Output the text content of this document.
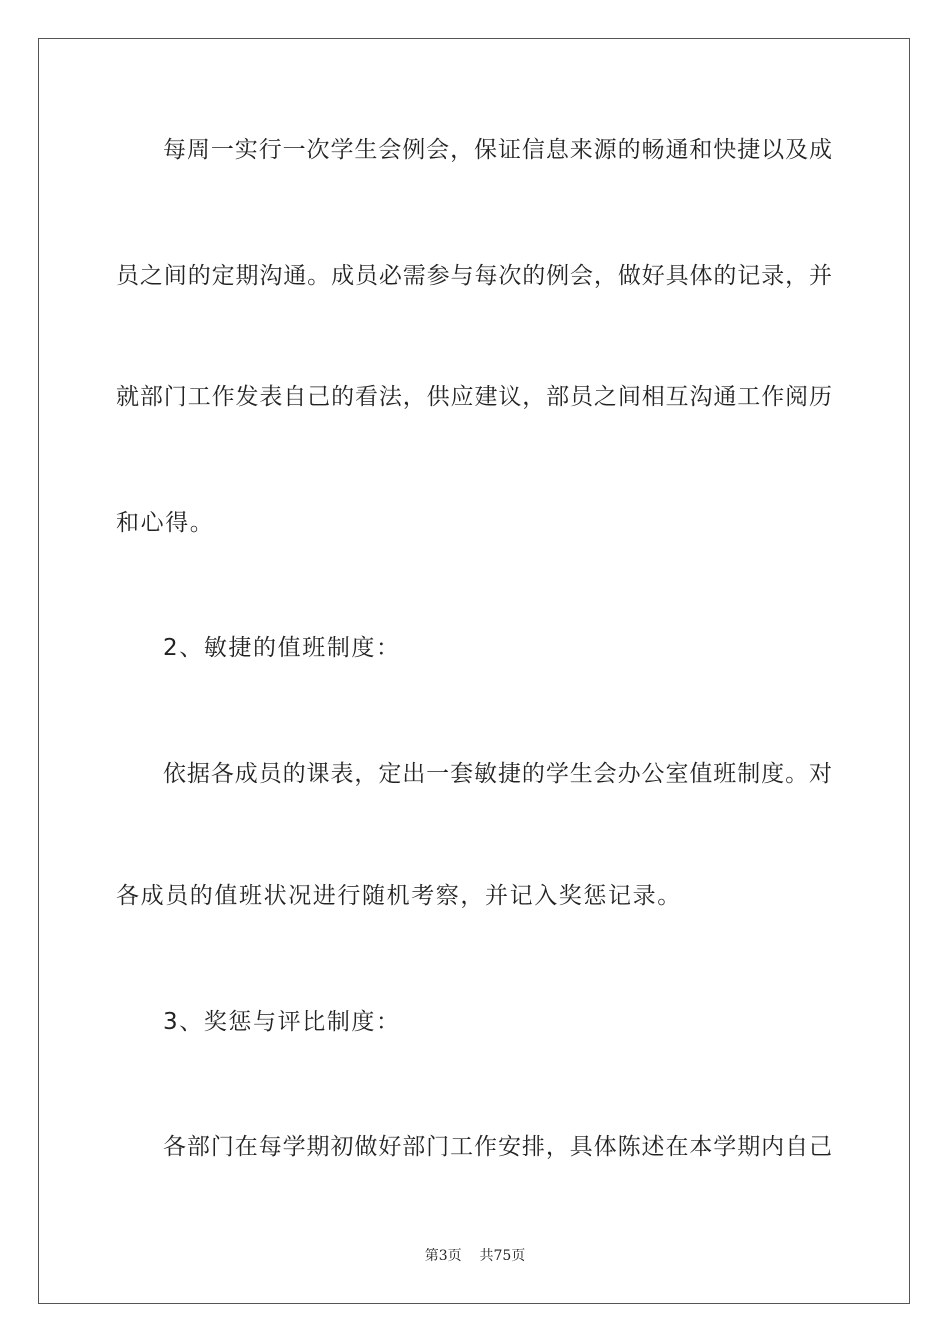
每周一实行一次学生会例会，保证信息来源的畅通和快捷以及成
员之间的定期沟通。成员必需参与每次的例会，做好具体的记录，并
就部门工作发表自己的看法，供应建议，部员之间相互沟通工作阅历
和心得。
2、敏捷的值班制度：
依据各成员的课表，定出一套敏捷的学生会办公室值班制度。对
各成员的值班状况进行随机考察，并记入奖惩记录。
3、奖惩与评比制度：
各部门在每学期初做好部门工作安排，具体陈述在本学期内自己
第3页 共75页
